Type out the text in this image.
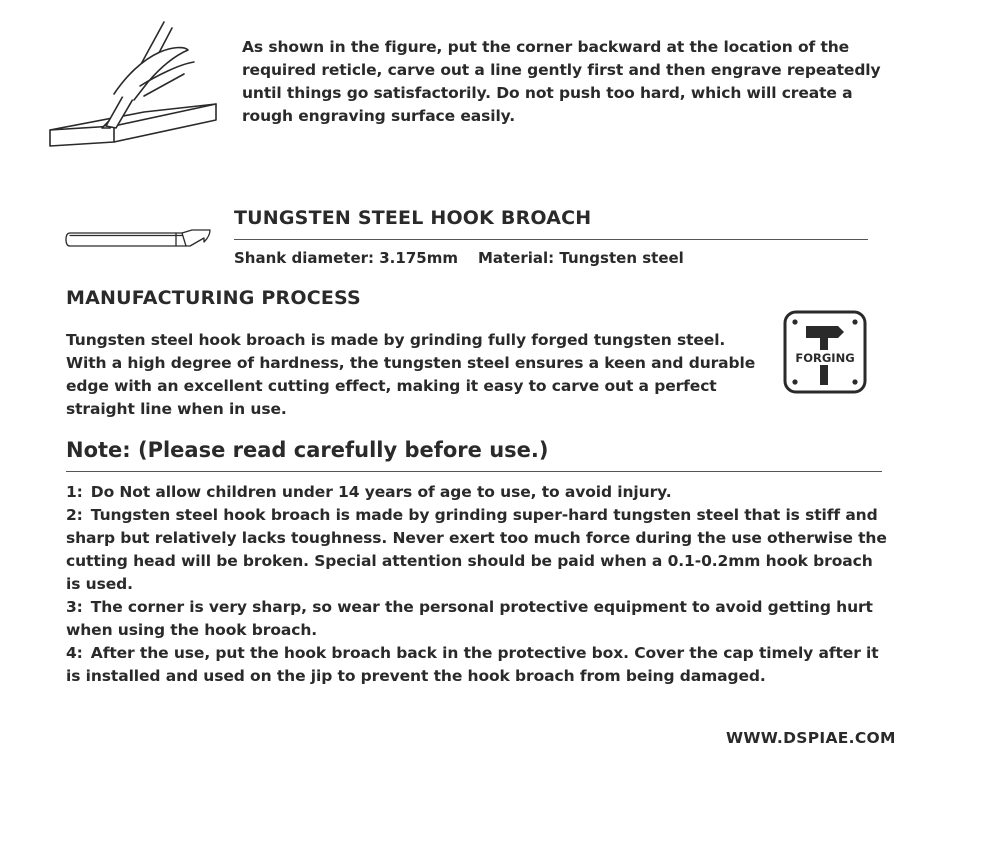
As shown in the figure, put the corner backward at the location of the required reticle, carve out a line gently first and then engrave repeatedly until things go satisfactorily. Do not push too hard, which will create a rough engraving surface easily.
TUNGSTEN STEEL HOOK BROACH
Shank diameter: 3.175mm Material: Tungsten steel
MANUFACTURING PROCESS
Tungsten steel hook broach is made by grinding fully forged tungsten steel. With a high degree of hardness, the tungsten steel ensures a keen and durable edge with an excellent cutting effect, making it easy to carve out a perfect straight line when in use.
FORGING
Note: (Please read carefully before use.)
1: Do Not allow children under 14 years of age to use, to avoid injury.
2: Tungsten steel hook broach is made by grinding super-hard tungsten steel that is stiff and sharp but relatively lacks toughness. Never exert too much force during the use otherwise the cutting head will be broken. Special attention should be paid when a 0.1-0.2mm hook broach is used.
3: The corner is very sharp, so wear the personal protective equipment to avoid getting hurt when using the hook broach.
4: After the use, put the hook broach back in the protective box. Cover the cap timely after it is installed and used on the jip to prevent the hook broach from being damaged.
WWW.DSPIAE.COM
